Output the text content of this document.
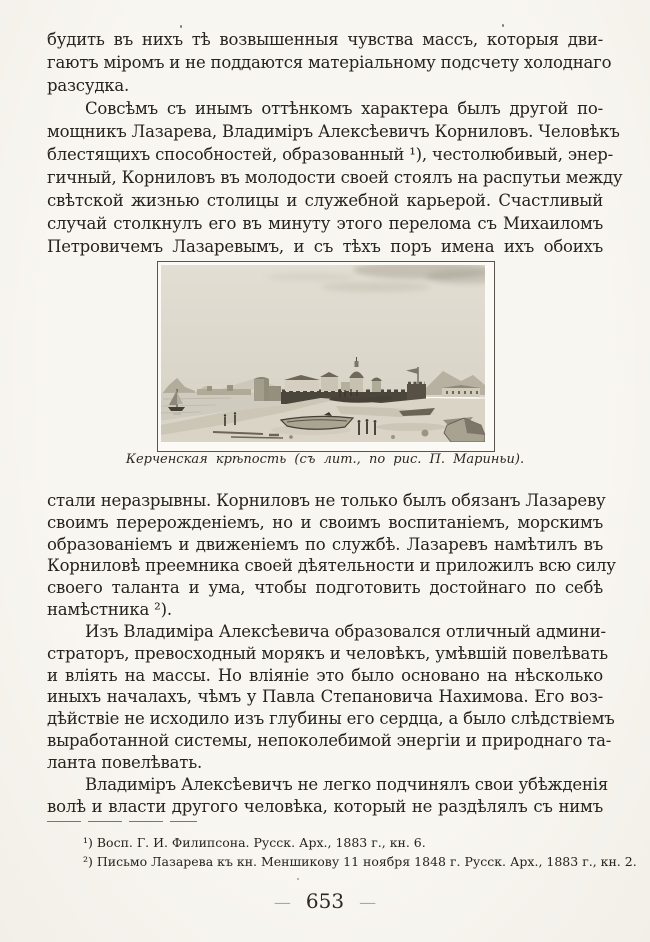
будить въ нихъ тѣ возвышенныя чувства массъ, которыя дви-
гаютъ міромъ и не поддаются матеріальному подсчету холоднаго
разсудка.
Совсѣмъ съ инымъ оттѣнкомъ характера былъ другой по-
мощникъ Лазарева, Владиміръ Алексѣевичъ Корниловъ. Человѣкъ
блестящихъ способностей, образованный ¹), честолюбивый, энер-
гичный, Корниловъ въ молодости своей стоялъ на распутьи между
свѣтской жизнью столицы и служебной карьерой. Счастливый
случай столкнулъ его въ минуту этого перелома съ Михаиломъ
Петровичемъ Лазаревымъ, и съ тѣхъ поръ имена ихъ обоихъ
Керченская крѣпость (съ лит., по рис. П. Мариньи).
стали неразрывны. Корниловъ не только былъ обязанъ Лазареву
своимъ перерожденіемъ, но и своимъ воспитаніемъ, морскимъ
образованіемъ и движеніемъ по службѣ. Лазаревъ намѣтилъ въ
Корниловѣ преемника своей дѣятельности и приложилъ всю силу
своего таланта и ума, чтобы подготовить достойнаго по себѣ
намѣстника ²).
Изъ Владиміра Алексѣевича образовался отличный админи-
страторъ, превосходный морякъ и человѣкъ, умѣвшій повелѣвать
и вліять на массы. Но вліяніе это было основано на нѣсколько
иныхъ началахъ, чѣмъ у Павла Степановича Нахимова. Его воз-
дѣйствіе не исходило изъ глубины его сердца, а было слѣдствіемъ
выработанной системы, непоколебимой энергіи и природнаго та-
ланта повелѣвать.
Владиміръ Алексѣевичъ не легко подчинялъ свои убѣжденія
волѣ и власти другого человѣка, который не раздѣлялъ съ нимъ
¹) Восп. Г. И. Филипсона. Русск. Арх., 1883 г., кн. 6.
²) Письмо Лазарева къ кн. Меншикову 11 ноября 1848 г. Русск. Арх., 1883 г., кн. 2.
— 653 —
